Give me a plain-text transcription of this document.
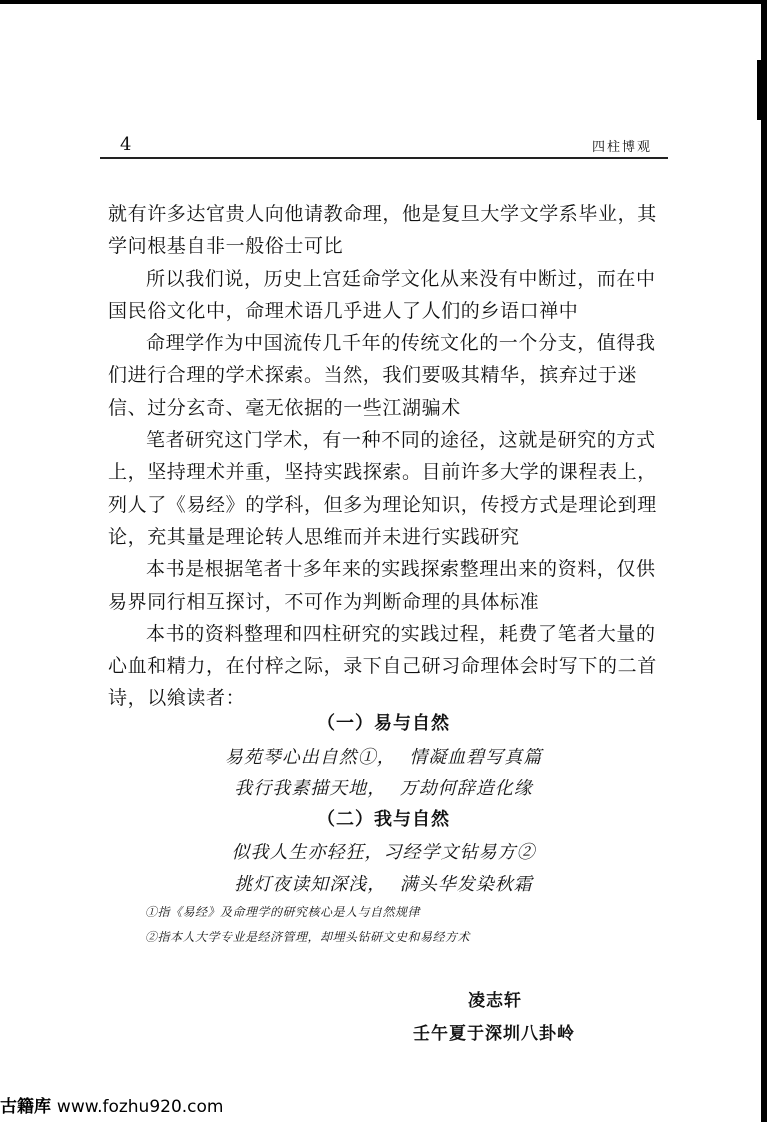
4	四柱博观

就有许多达官贵人向他请教命理，他是复旦大学文学系毕业，其

学问根基自非一般俗士可比

所以我们说，历史上宫廷命学文化从来没有中断过，而在中

国民俗文化中，命理术语几乎进人了人们的乡语口禅中

命理学作为中国流传几千年的传统文化的一个分支，值得我

们进行合理的学术探索。当然，我们要吸其精华，摈弃过于迷

信、过分玄奇、毫无依据的一些江湖骗术

笔者研究这门学术，有一种不同的途径，这就是研究的方式

上，坚持理术并重，坚持实践探索。目前许多大学的课程表上，

列人了《易经》的学科，但多为理论知识，传授方式是理论到理

论，充其量是理论转人思维而并未进行实践研究

本书是根据笔者十多年来的实践探索整理出来的资料，仅供

易界同行相互探讨，不可作为判断命理的具体标准

本书的资料整理和四柱研究的实践过程，耗费了笔者大量的

心血和精力，在付梓之际，录下自己研习命理体会时写下的二首

诗，以飨读者：

（一）易与自然
易苑琴心出自然①，  情凝血碧写真篇
我行我素描天地，  万劫何辞造化缘
（二）我与自然
似我人生亦轻狂，习经学文钻易方②
挑灯夜读知深浅，  满头华发染秋霜
①指《易经》及命理学的研究核心是人与自然规律
②指本人大学专业是经济管理，却埋头钻研文史和易经方术
凌志轩
壬午夏于深圳八卦岭
古籍库 www.fozhu920.com
